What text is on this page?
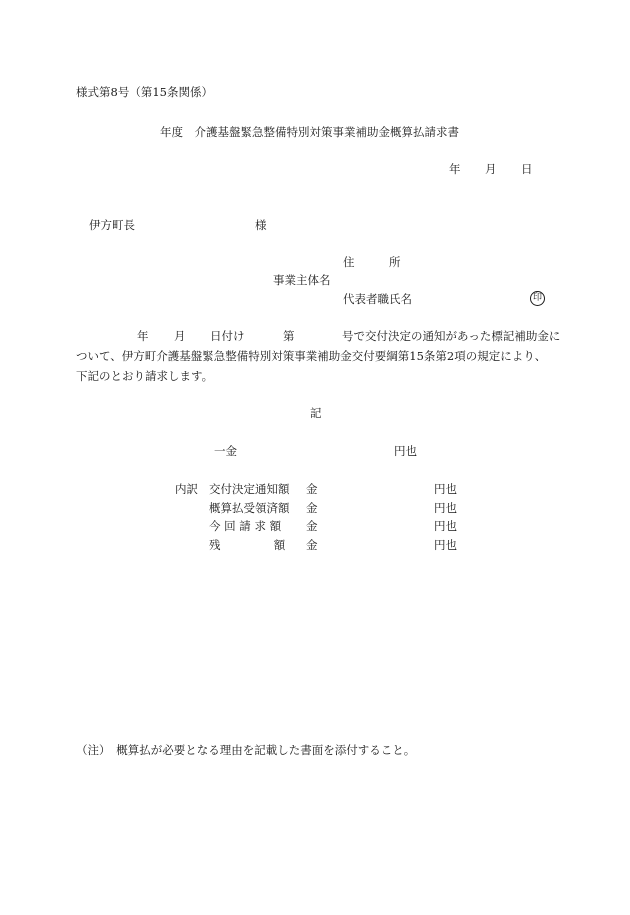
様式第8号（第15条関係）
年度　介護基盤緊急整備特別対策事業補助金概算払請求書
年 月 日
伊方町長	様
住　　　所
事業主体名
代表者職氏名	印
年 月 日付け	第	号で交付決定の通知があった標記補助金に
ついて、伊方町介護基盤緊急整備特別対策事業補助金交付要綱第15条第2項の規定により、
下記のとおり請求します。
記
一金	円也
内訳 交付決定通知額 金	円也
概算払受領済額 金	円也
今 回 請 求 額 金	円也
残 　　　　 額 金	円也
（注）　概算払が必要となる理由を記載した書面を添付すること。
